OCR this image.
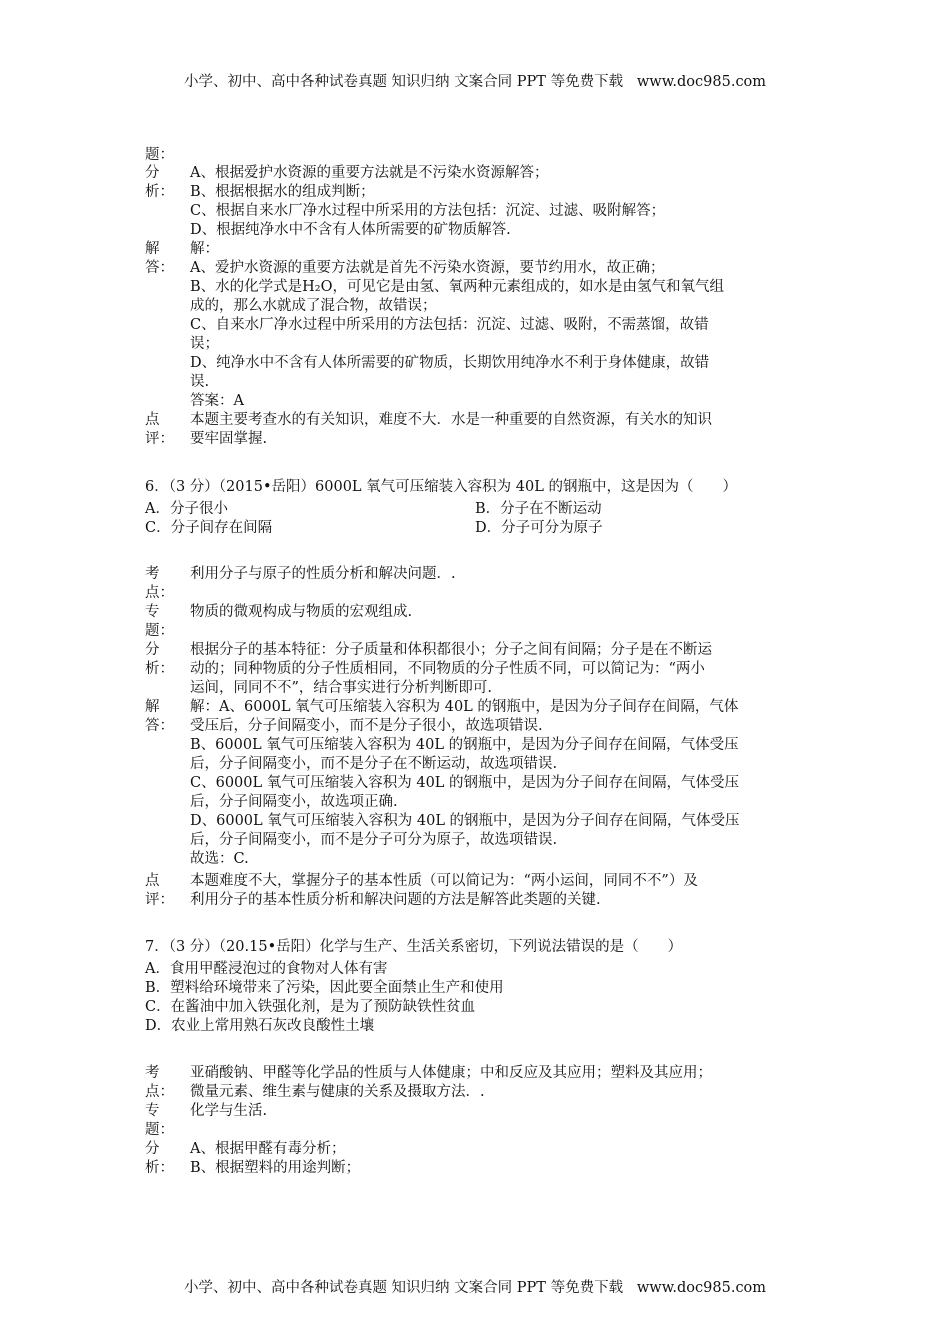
小学、初中、高中各种试卷真题 知识归纳 文案合同 PPT 等免费下载   www.doc985.com
小学、初中、高中各种试卷真题 知识归纳 文案合同 PPT 等免费下载   www.doc985.com
题：
分
析：
A、根据爱护水资源的重要方法就是不污染水资源解答；
B、根据根据水的组成判断；
C、根据自来水厂净水过程中所采用的方法包括：沉淀、过滤、吸附解答；
D、根据纯净水中不含有人体所需要的矿物质解答.
解
答：
解：
A、爱护水资源的重要方法就是首先不污染水资源，要节约用水，故正确；
B、水的化学式是H₂O，可见它是由氢、氧两种元素组成的，如水是由氢气和氧气组
成的，那么水就成了混合物，故错误；
C、自来水厂净水过程中所采用的方法包括：沉淀、过滤、吸附，不需蒸馏，故错
误；
D、纯净水中不含有人体所需要的矿物质，长期饮用纯净水不利于身体健康，故错
误.
答案：A
点
评：
本题主要考查水的有关知识，难度不大．水是一种重要的自然资源，有关水的知识
要牢固掌握.
6．（3 分）（2015•岳阳）6000L 氧气可压缩装入容积为 40L 的钢瓶中，这是因为（　　）
A．分子很小	B．分子在不断运动
C．分子间存在间隔	D．分子可分为原子
考
点：
利用分子与原子的性质分析和解决问题．.
专
题：
物质的微观构成与物质的宏观组成.
分
析：
根据分子的基本特征：分子质量和体积都很小；分子之间有间隔；分子是在不断运
动的；同种物质的分子性质相同，不同物质的分子性质不同，可以简记为：“两小
运间，同同不不”，结合事实进行分析判断即可.
解
答：
解：A、6000L 氧气可压缩装入容积为 40L 的钢瓶中，是因为分子间存在间隔，气体
受压后，分子间隔变小，而不是分子很小，故选项错误.
B、6000L 氧气可压缩装入容积为 40L 的钢瓶中，是因为分子间存在间隔，气体受压
后，分子间隔变小，而不是分子在不断运动，故选项错误.
C、6000L 氧气可压缩装入容积为 40L 的钢瓶中，是因为分子间存在间隔，气体受压
后，分子间隔变小，故选项正确.
D、6000L 氧气可压缩装入容积为 40L 的钢瓶中，是因为分子间存在间隔，气体受压
后，分子间隔变小，而不是分子可分为原子，故选项错误.
故选：C.
点
评：
本题难度不大，掌握分子的基本性质（可以简记为：“两小运间，同同不不”）及
利用分子的基本性质分析和解决问题的方法是解答此类题的关键.
7．（3 分）（20.15•岳阳）化学与生产、生活关系密切，下列说法错误的是（　　）
A．食用甲醛浸泡过的食物对人体有害
B．塑料给环境带来了污染，因此要全面禁止生产和使用
C．在酱油中加入铁强化剂，是为了预防缺铁性贫血
D．农业上常用熟石灰改良酸性土壤
考
点：
亚硝酸钠、甲醛等化学品的性质与人体健康；中和反应及其应用；塑料及其应用；
微量元素、维生素与健康的关系及摄取方法．.
专
题：
化学与生活.
分
析：
A、根据甲醛有毒分析；
B、根据塑料的用途判断；
